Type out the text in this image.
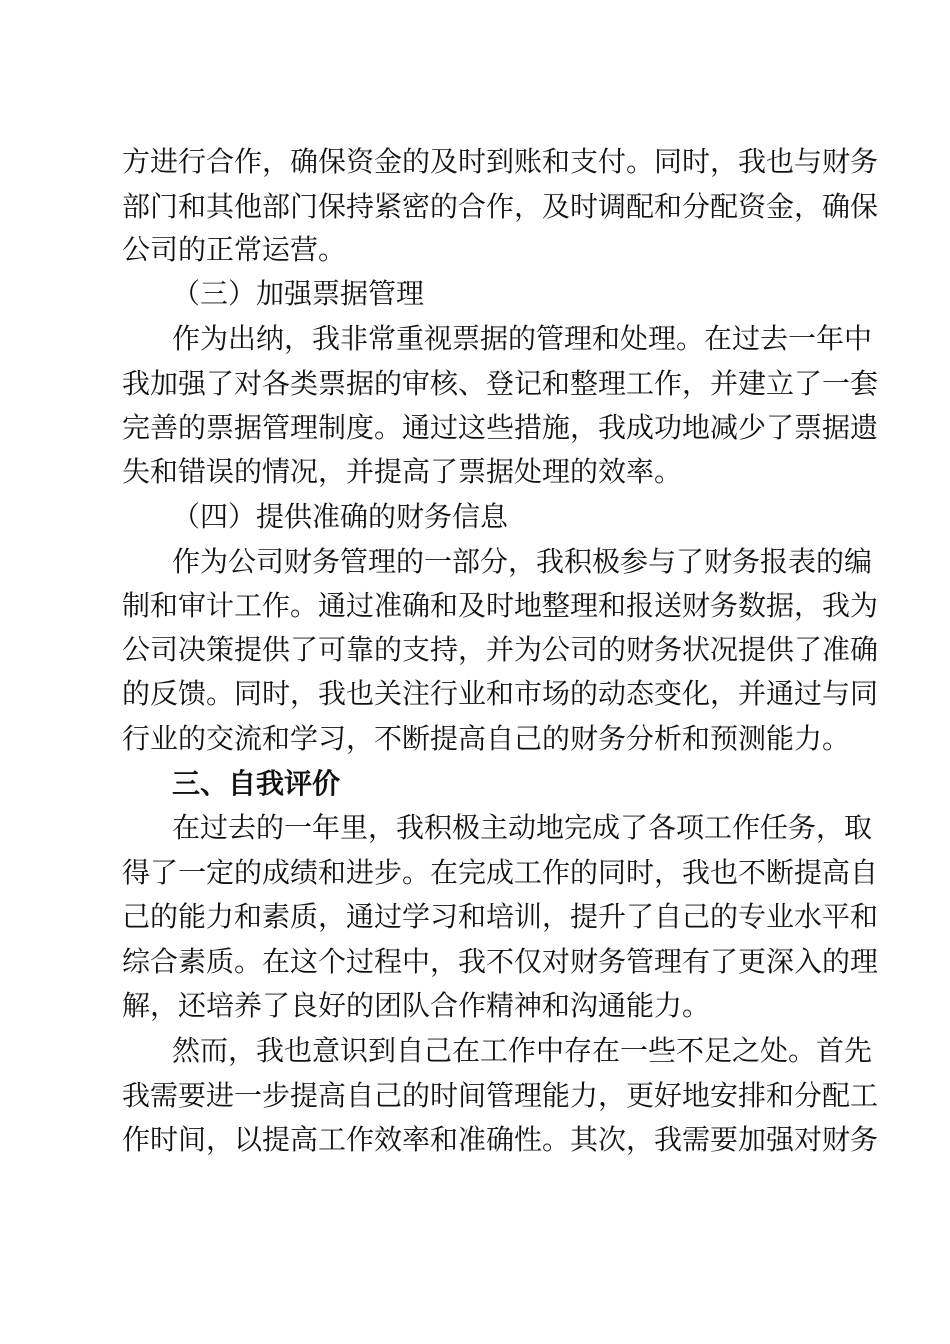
方进行合作，确保资金的及时到账和支付。同时，我也与财务
部门和其他部门保持紧密的合作，及时调配和分配资金，确保
公司的正常运营。
（三）加强票据管理
作为出纳，我非常重视票据的管理和处理。在过去一年中
我加强了对各类票据的审核、登记和整理工作，并建立了一套
完善的票据管理制度。通过这些措施，我成功地减少了票据遗
失和错误的情况，并提高了票据处理的效率。
（四）提供准确的财务信息
作为公司财务管理的一部分，我积极参与了财务报表的编
制和审计工作。通过准确和及时地整理和报送财务数据，我为
公司决策提供了可靠的支持，并为公司的财务状况提供了准确
的反馈。同时，我也关注行业和市场的动态变化，并通过与同
行业的交流和学习，不断提高自己的财务分析和预测能力。
三、自我评价
在过去的一年里，我积极主动地完成了各项工作任务，取
得了一定的成绩和进步。在完成工作的同时，我也不断提高自
己的能力和素质，通过学习和培训，提升了自己的专业水平和
综合素质。在这个过程中，我不仅对财务管理有了更深入的理
解，还培养了良好的团队合作精神和沟通能力。
然而，我也意识到自己在工作中存在一些不足之处。首先
我需要进一步提高自己的时间管理能力，更好地安排和分配工
作时间，以提高工作效率和准确性。其次，我需要加强对财务
